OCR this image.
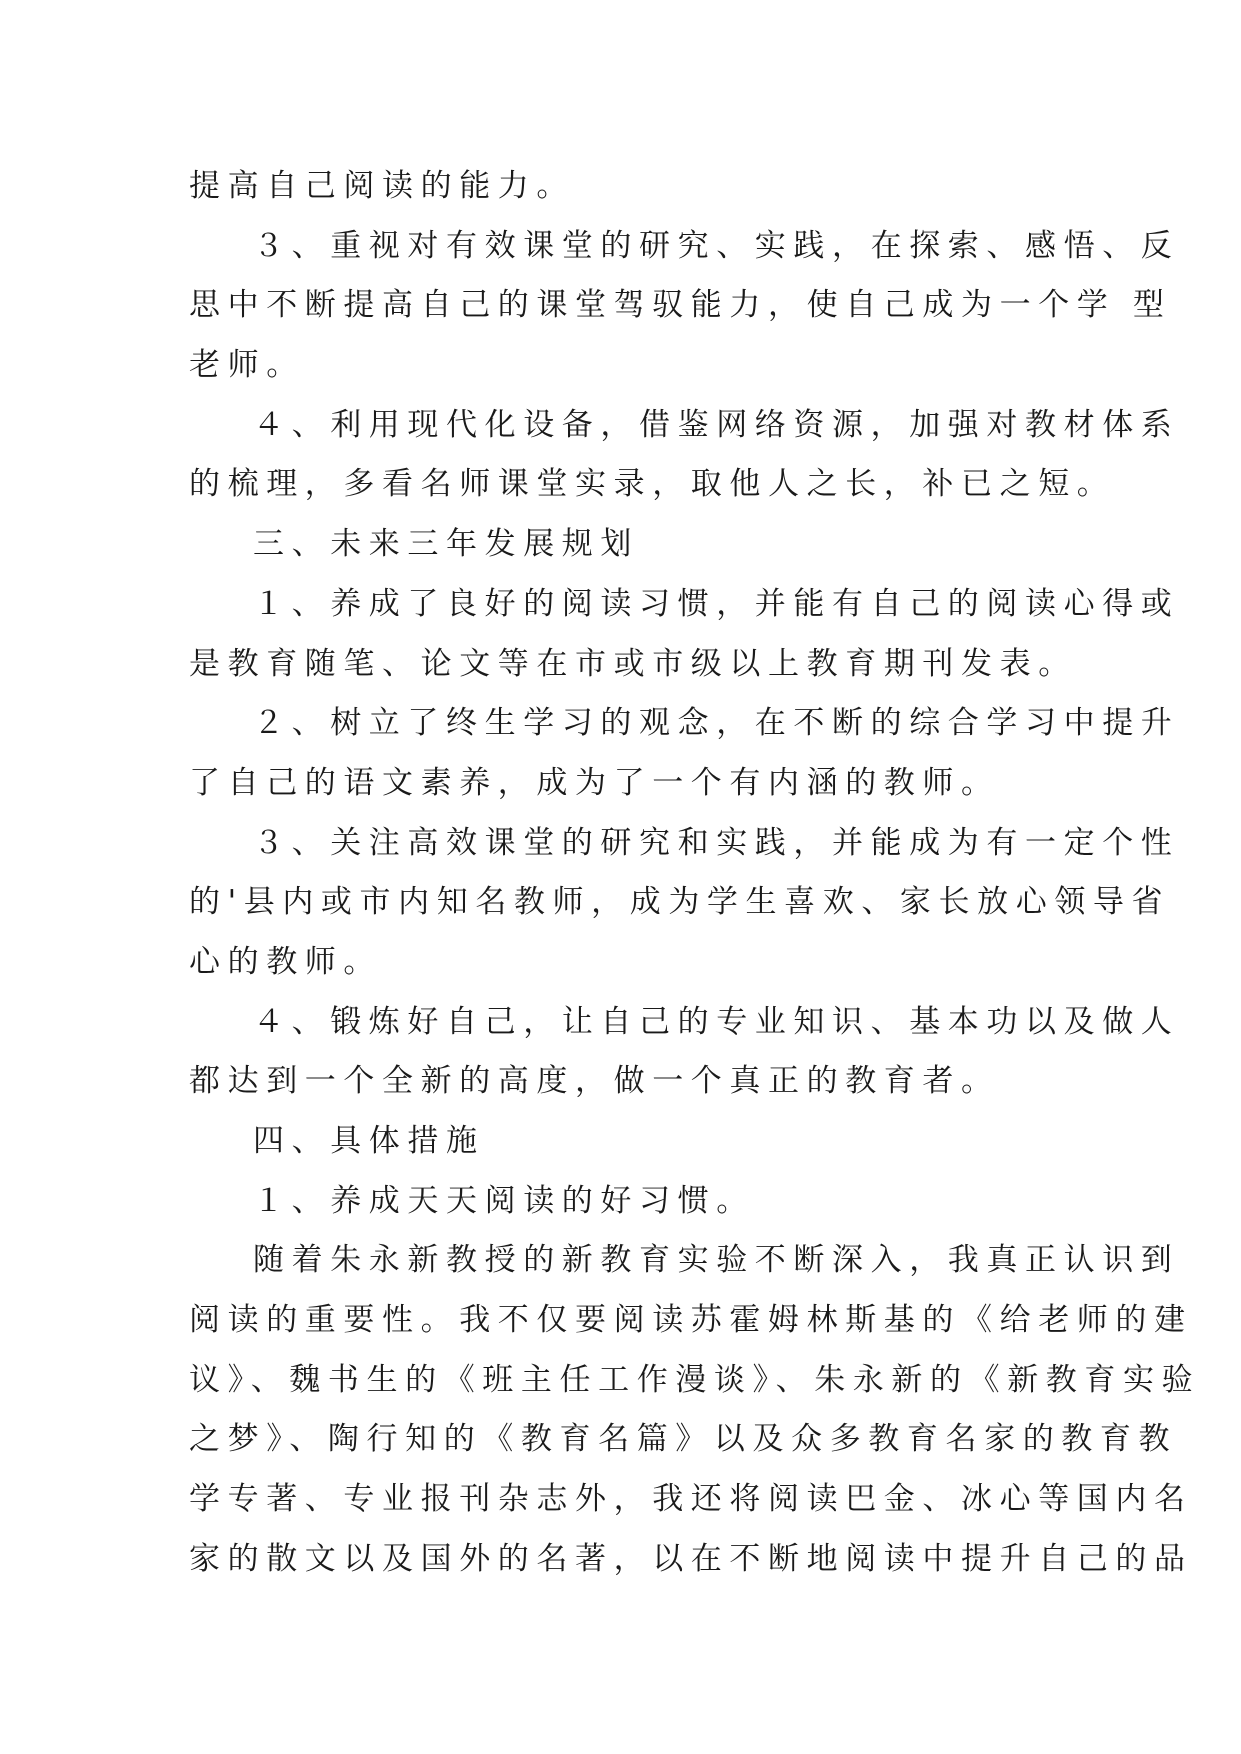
提高自己阅读的能力。
３、重视对有效课堂的研究、实践，在探索、感悟、反
思中不断提高自己的课堂驾驭能力，使自己成为一个学 型
老师。
４、利用现代化设备，借鉴网络资源，加强对教材体系
的梳理，多看名师课堂实录，取他人之长，补已之短。
三、未来三年发展规划
１、养成了良好的阅读习惯，并能有自己的阅读心得或
是教育随笔、论文等在市或市级以上教育期刊发表。
２、树立了终生学习的观念，在不断的综合学习中提升
了自己的语文素养，成为了一个有内涵的教师。
３、关注高效课堂的研究和实践，并能成为有一定个性
的'县内或市内知名教师，成为学生喜欢、家长放心领导省
心的教师。
４、锻炼好自己，让自己的专业知识、基本功以及做人
都达到一个全新的高度，做一个真正的教育者。
四、具体措施
１、养成天天阅读的好习惯。
随着朱永新教授的新教育实验不断深入，我真正认识到
阅读的重要性。我不仅要阅读苏霍姆林斯基的《给老师的建
议》、魏书生的《班主任工作漫谈》、朱永新的《新教育实验
之梦》、陶行知的《教育名篇》以及众多教育名家的教育教
学专著、专业报刊杂志外，我还将阅读巴金、冰心等国内名
家的散文以及国外的名著，以在不断地阅读中提升自己的品
